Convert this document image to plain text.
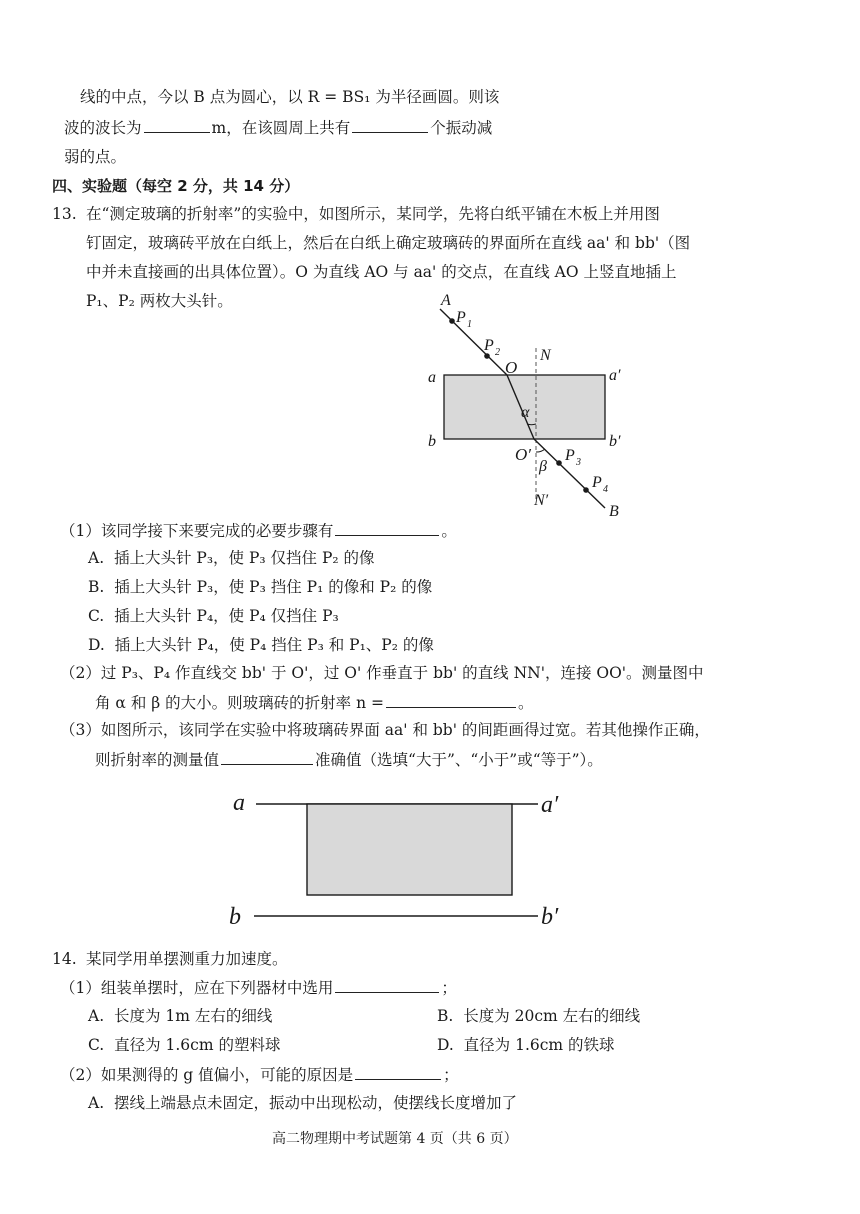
线的中点，今以 B 点为圆心，以 R = BS₁ 为半径画圆。则该
波的波长为	m，在该圆周上共有	个振动减
弱的点。
四、实验题（每空 2 分，共 14 分）
13. 在“测定玻璃的折射率”的实验中，如图所示，某同学，先将白纸平铺在木板上并用图
钉固定，玻璃砖平放在白纸上，然后在白纸上确定玻璃砖的界面所在直线 aa' 和 bb'（图
中并未直接画的出具体位置）。O 为直线 AO 与 aa' 的交点，在直线 AO 上竖直地插上
P₁、P₂ 两枚大头针。	A
P 1
P 2
O
N
a	a′
α
b	b′
O′
β
P 3
P 4
N′
B
（1）该同学接下来要完成的必要步骤有	。
A. 插上大头针 P₃，使 P₃ 仅挡住 P₂ 的像
B. 插上大头针 P₃，使 P₃ 挡住 P₁ 的像和 P₂ 的像
C. 插上大头针 P₄，使 P₄ 仅挡住 P₃
D. 插上大头针 P₄，使 P₄ 挡住 P₃ 和 P₁、P₂ 的像
（2）过 P₃、P₄ 作直线交 bb' 于 O'，过 O' 作垂直于 bb' 的直线 NN'，连接 OO'。测量图中
角 α 和 β 的大小。则玻璃砖的折射率 n =	。
（3）如图所示，该同学在实验中将玻璃砖界面 aa' 和 bb' 的间距画得过宽。若其他操作正确，
则折射率的测量值	准确值（选填“大于”、“小于”或“等于”）。
a	a′
b	b′
14. 某同学用单摆测重力加速度。
（1）组装单摆时，应在下列器材中选用	；
A. 长度为 1m 左右的细线	B. 长度为 20cm 左右的细线
C. 直径为 1.6cm 的塑料球	D. 直径为 1.6cm 的铁球
（2）如果测得的 g 值偏小，可能的原因是	；
A. 摆线上端悬点未固定，振动中出现松动，使摆线长度增加了
高二物理期中考试题第 4 页（共 6 页）
